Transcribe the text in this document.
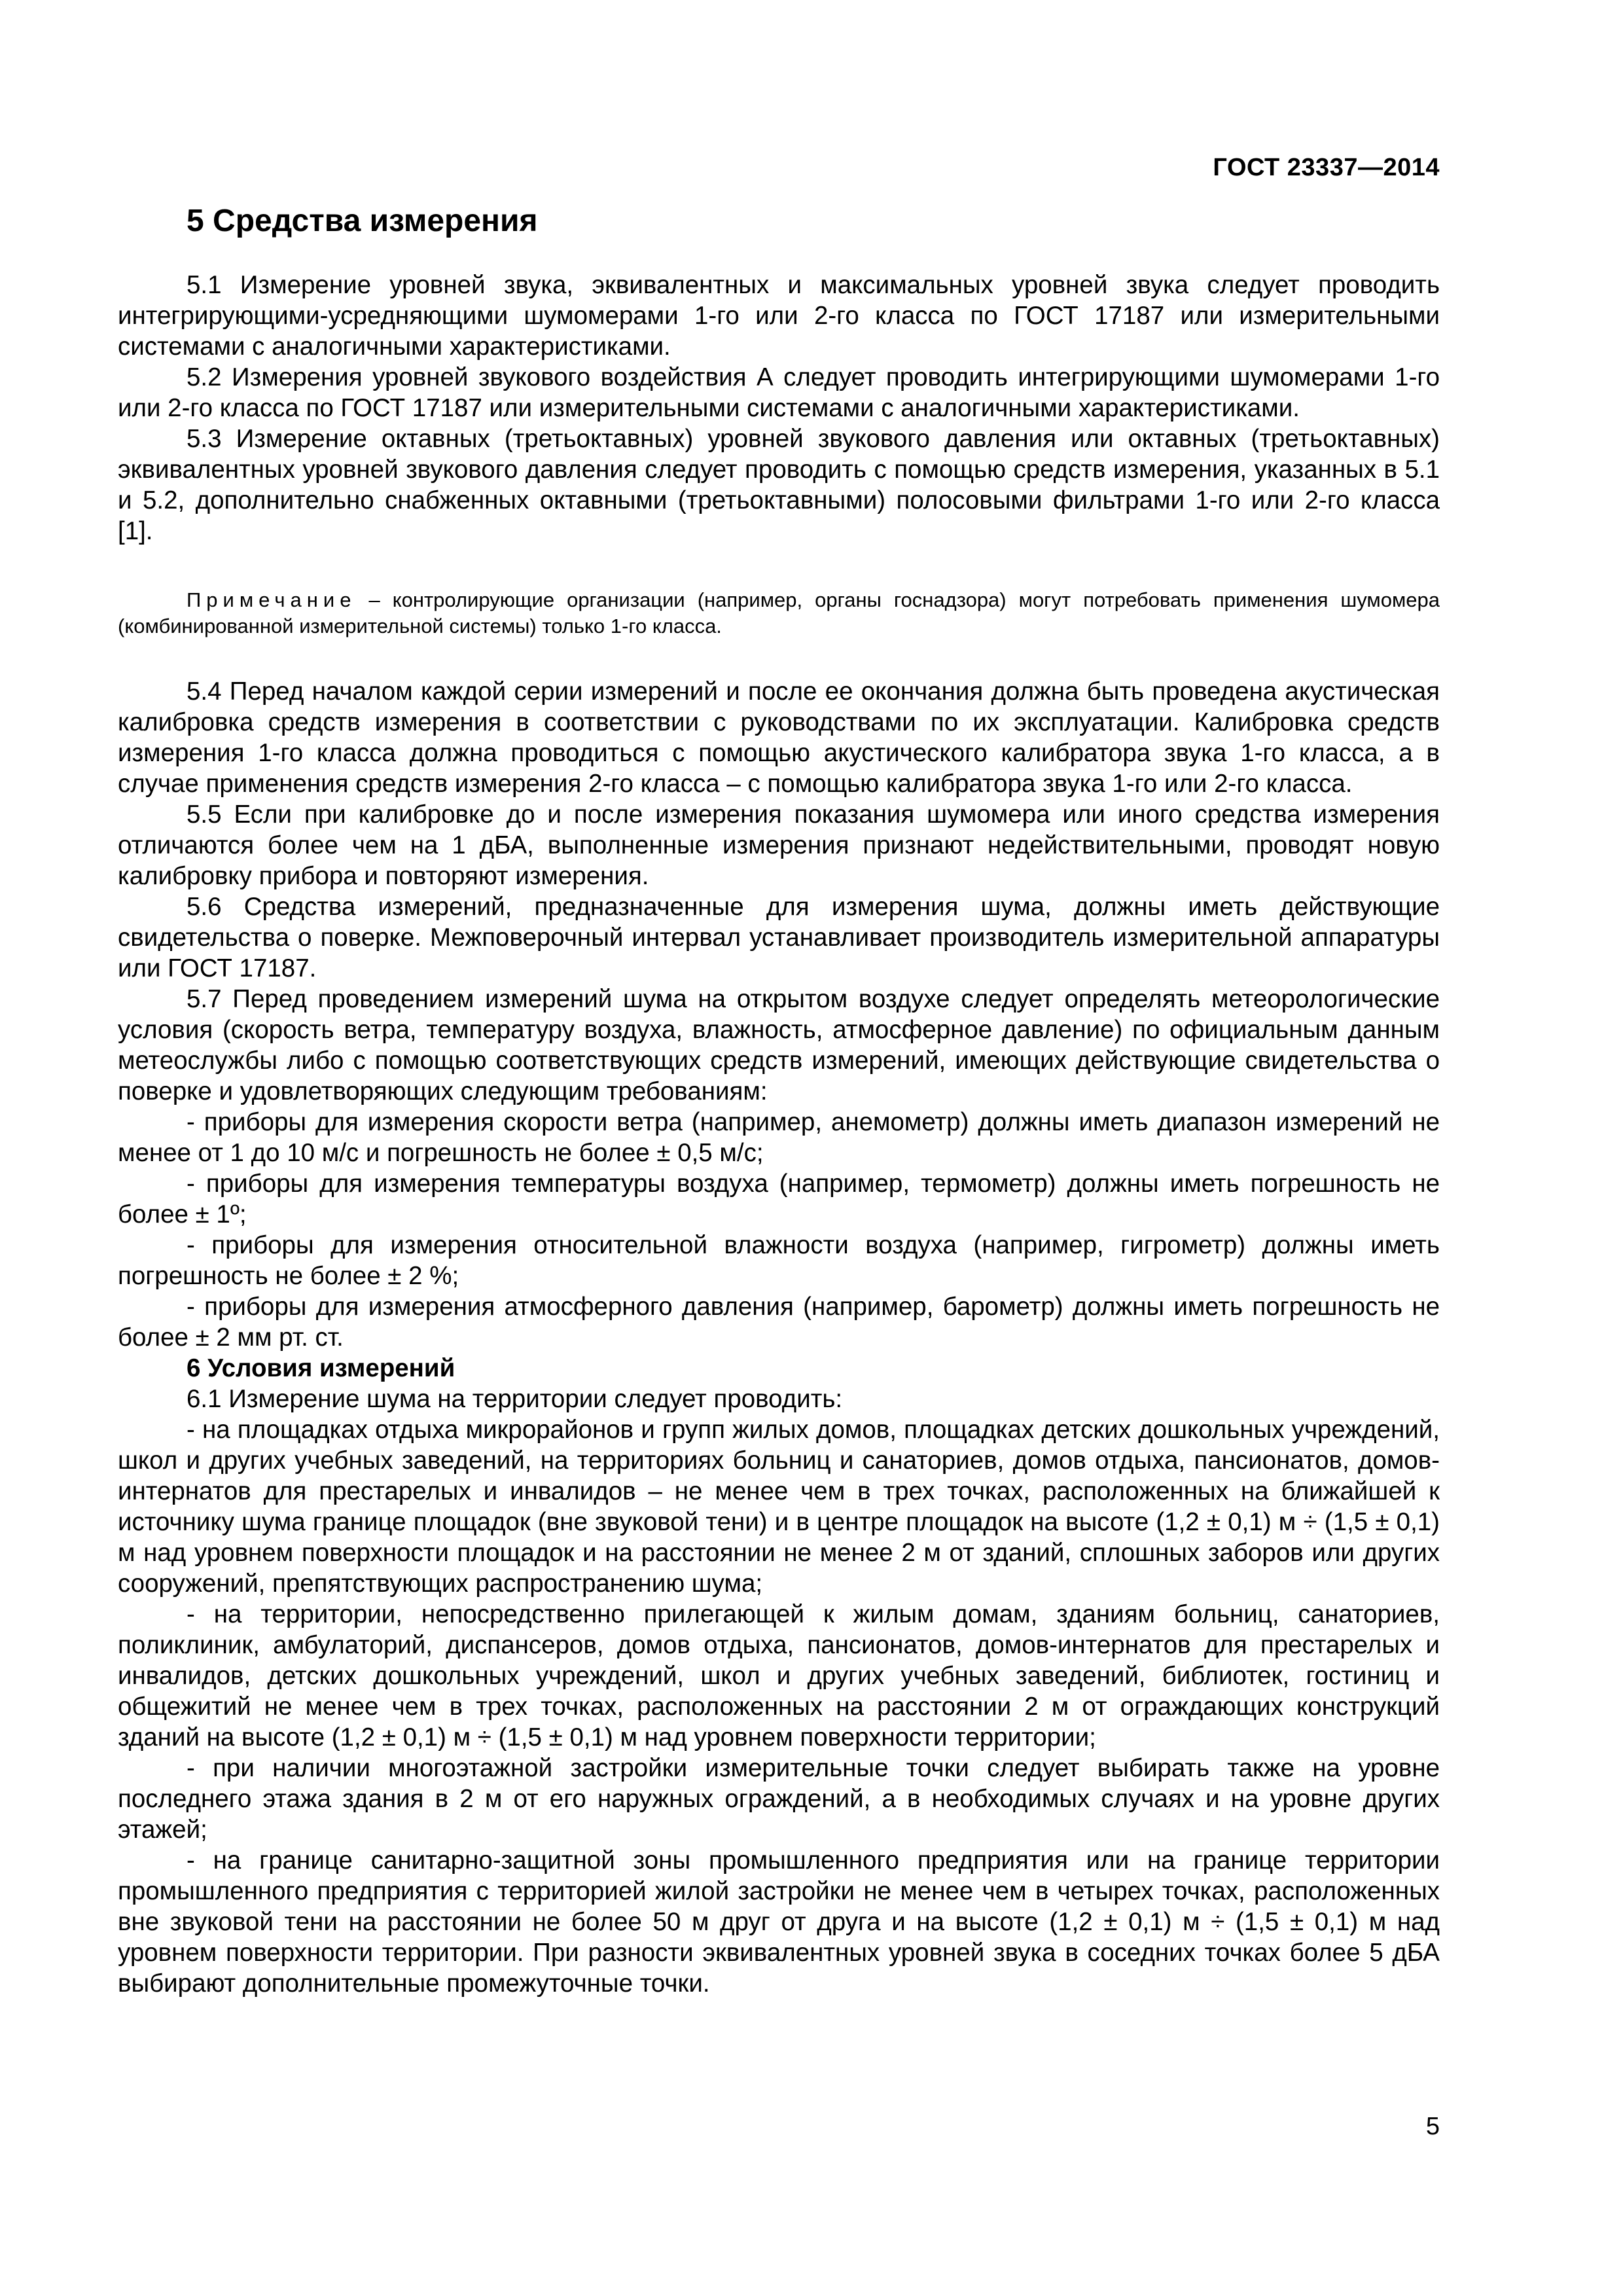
ГОСТ 23337—2014
5 Средства измерения

5.1 Измерение уровней звука, эквивалентных и максимальных уровней звука следует проводить интегрирующими-усредняющими шумомерами 1-го или 2-го класса по ГОСТ 17187 или измерительными системами с аналогичными характеристиками.

5.2 Измерения уровней звукового воздействия А следует проводить интегрирующими шумомерами 1-го или 2-го класса по ГОСТ 17187 или измерительными системами с аналогичными характеристиками.

5.3 Измерение октавных (третьоктавных) уровней звукового давления или октавных (третьоктавных) эквивалентных уровней звукового давления следует проводить с помощью средств измерения, указанных в 5.1 и 5.2, дополнительно снабженных октавными (третьоктавными) полосовыми фильтрами 1-го или 2-го класса [1].

Примечание – контролирующие организации (например, органы госнадзора) могут потребовать применения шумомера (комбинированной измерительной системы) только 1-го класса.

5.4 Перед началом каждой серии измерений и после ее окончания должна быть проведена акустическая калибровка средств измерения в соответствии с руководствами по их эксплуатации. Калибровка средств измерения 1-го класса должна проводиться с помощью акустического калибратора звука 1-го класса, а в случае применения средств измерения 2-го класса – с помощью калибратора звука 1-го или 2-го класса.

5.5 Если при калибровке до и после измерения показания шумомера или иного средства измерения отличаются более чем на 1 дБА, выполненные измерения признают недействительными, проводят новую калибровку прибора и повторяют измерения.

5.6 Средства измерений, предназначенные для измерения шума, должны иметь действующие свидетельства о поверке. Межповерочный интервал устанавливает производитель измерительной аппаратуры или ГОСТ 17187.

5.7 Перед проведением измерений шума на открытом воздухе следует определять метеорологические условия (скорость ветра, температуру воздуха, влажность, атмосферное давление) по официальным данным метеослужбы либо с помощью соответствующих средств измерений, имеющих действующие свидетельства о поверке и удовлетворяющих следующим требованиям:

- приборы для измерения скорости ветра (например, анемометр) должны иметь диапазон измерений не менее от 1 до 10 м/с и погрешность не более ± 0,5 м/с;

- приборы для измерения температуры воздуха (например, термометр) должны иметь погрешность не более ± 1º;

- приборы для измерения относительной влажности воздуха (например, гигрометр) должны иметь погрешность не более ± 2 %;

- приборы для измерения атмосферного давления (например, барометр) должны иметь погрешность не более ± 2 мм рт. ст.

6 Условия измерений

6.1 Измерение шума на территории следует проводить:

- на площадках отдыха микрорайонов и групп жилых домов, площадках детских дошкольных учреждений, школ и других учебных заведений, на территориях больниц и санаториев, домов отдыха, пансионатов, домов-интернатов для престарелых и инвалидов – не менее чем в трех точках, расположенных на ближайшей к источнику шума границе площадок (вне звуковой тени) и в центре площадок на высоте (1,2 ± 0,1) м ÷ (1,5 ± 0,1) м над уровнем поверхности площадок и на расстоянии не менее 2 м от зданий, сплошных заборов или других сооружений, препятствующих распространению шума;

- на территории, непосредственно прилегающей к жилым домам, зданиям больниц, санаториев, поликлиник, амбулаторий, диспансеров, домов отдыха, пансионатов, домов-интернатов для престарелых и инвалидов, детских дошкольных учреждений, школ и других учебных заведений, библиотек, гостиниц и общежитий не менее чем в трех точках, расположенных на расстоянии 2 м от ограждающих конструкций зданий на высоте (1,2 ± 0,1) м ÷ (1,5 ± 0,1) м над уровнем поверхности территории;

- при наличии многоэтажной застройки измерительные точки следует выбирать также на уровне последнего этажа здания в 2 м от его наружных ограждений, а в необходимых случаях и на уровне других этажей;

- на границе санитарно-защитной зоны промышленного предприятия или на границе территории промышленного предприятия с территорией жилой застройки не менее чем в четырех точках, расположенных вне звуковой тени на расстоянии не более 50 м друг от друга и на высоте (1,2 ± 0,1) м ÷ (1,5 ± 0,1) м над уровнем поверхности территории. При разности эквивалентных уровней звука в соседних точках более 5 дБА выбирают дополнительные промежуточные точки.

5
